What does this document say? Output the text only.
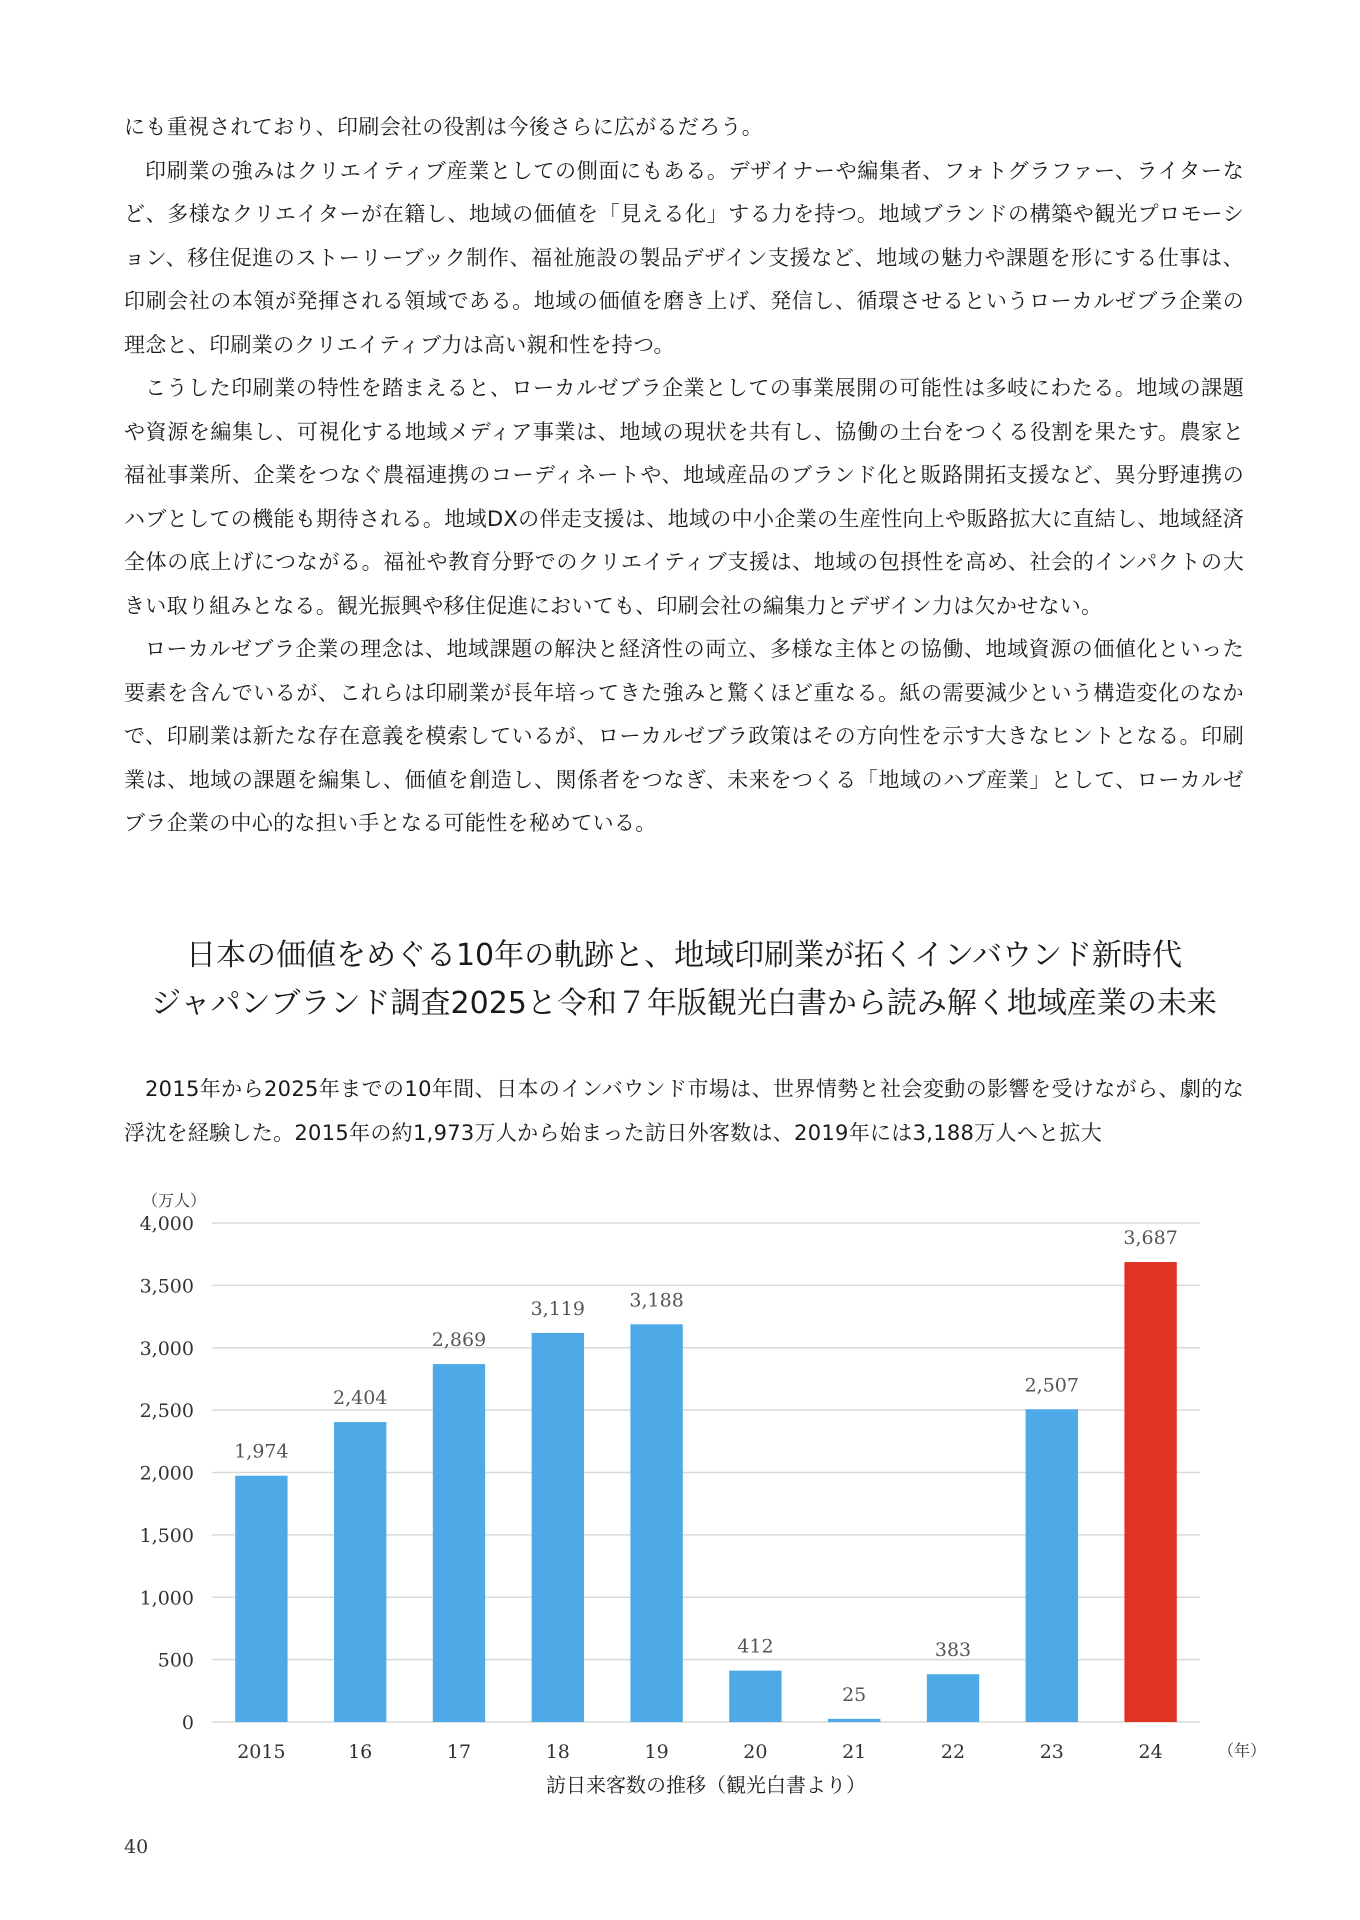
にも重視されており、印刷会社の役割は今後さらに広がるだろう。

印刷業の強みはクリエイティブ産業としての側面にもある。デザイナーや編集者、フォトグラファー、ライターなど、多様なクリエイターが在籍し、地域の価値を「見える化」する力を持つ。地域ブランドの構築や観光プロモーション、移住促進のストーリーブック制作、福祉施設の製品デザイン支援など、地域の魅力や課題を形にする仕事は、印刷会社の本領が発揮される領域である。地域の価値を磨き上げ、発信し、循環させるというローカルゼブラ企業の理念と、印刷業のクリエイティブ力は高い親和性を持つ。

こうした印刷業の特性を踏まえると、ローカルゼブラ企業としての事業展開の可能性は多岐にわたる。地域の課題や資源を編集し、可視化する地域メディア事業は、地域の現状を共有し、協働の土台をつくる役割を果たす。農家と福祉事業所、企業をつなぐ農福連携のコーディネートや、地域産品のブランド化と販路開拓支援など、異分野連携のハブとしての機能も期待される。地域DXの伴走支援は、地域の中小企業の生産性向上や販路拡大に直結し、地域経済全体の底上げにつながる。福祉や教育分野でのクリエイティブ支援は、地域の包摂性を高め、社会的インパクトの大きい取り組みとなる。観光振興や移住促進においても、印刷会社の編集力とデザイン力は欠かせない。

ローカルゼブラ企業の理念は、地域課題の解決と経済性の両立、多様な主体との協働、地域資源の価値化といった要素を含んでいるが、これらは印刷業が長年培ってきた強みと驚くほど重なる。紙の需要減少という構造変化のなかで、印刷業は新たな存在意義を模索しているが、ローカルゼブラ政策はその方向性を示す大きなヒントとなる。印刷業は、地域の課題を編集し、価値を創造し、関係者をつなぎ、未来をつくる「地域のハブ産業」として、ローカルゼブラ企業の中心的な担い手となる可能性を秘めている。

日本の価値をめぐる10年の軌跡と、地域印刷業が拓くインバウンド新時代
ジャパンブランド調査2025と令和７年版観光白書から読み解く地域産業の未来

2015年から2025年までの10年間、日本のインバウンド市場は、世界情勢と社会変動の影響を受けながら、劇的な浮沈を経験した。2015年の約1,973万人から始まった訪日外客数は、2019年には3,188万人へと拡大

0
500
1,000
1,500
2,000
2,500
3,000
3,500
4,000
（万人）
1,974
2015
2,404
16
2,869
17
3,119
18
3,188
19
412
20
25
21
383
22
2,507
23
3,687
24	（年）
訪日来客数の推移（観光白書より）
40
